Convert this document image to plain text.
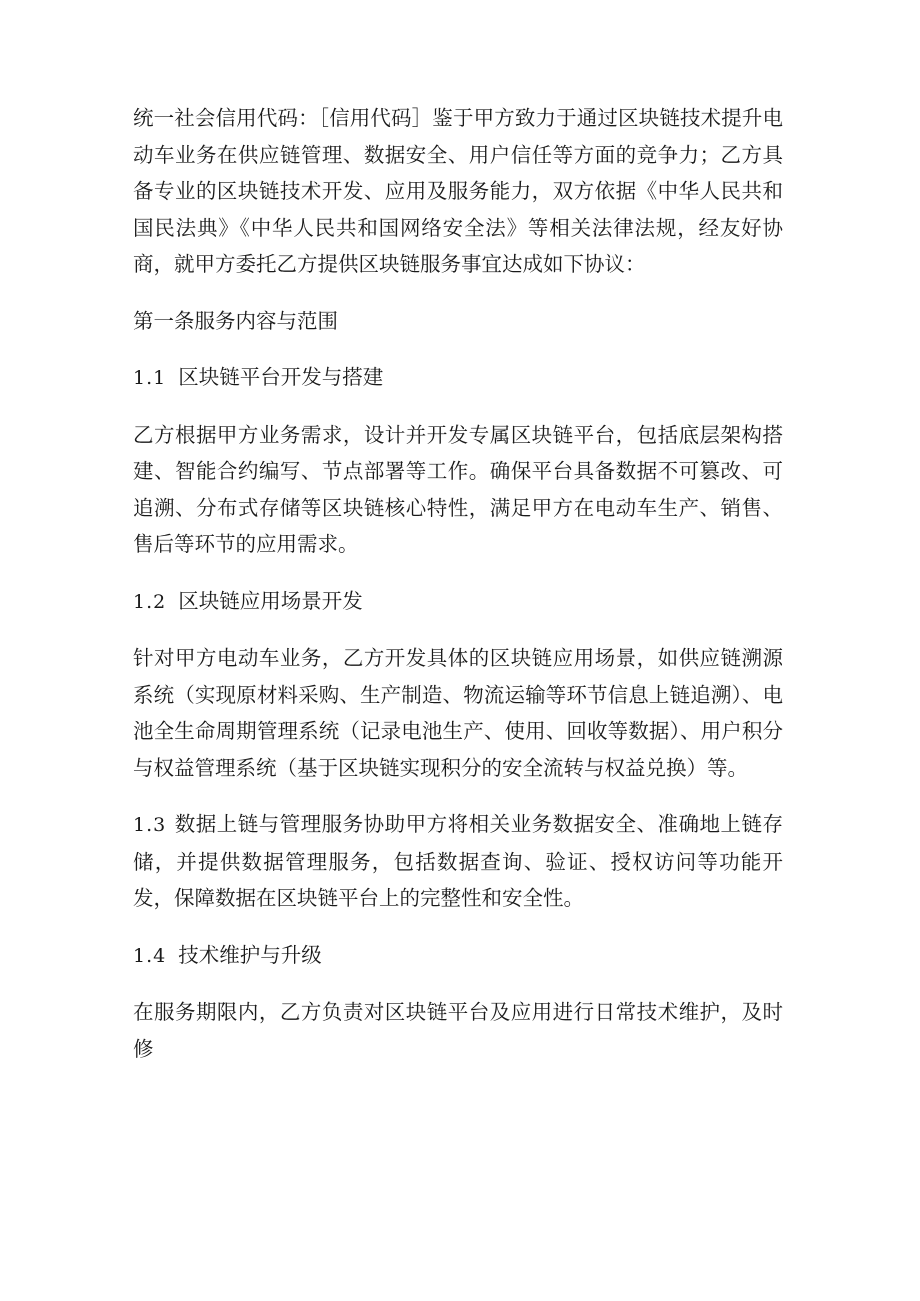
统一社会信用代码：［信用代码］鉴于甲方致力于通过区块链技术提升电动车业务在供应链管理、数据安全、用户信任等方面的竞争力；乙方具备专业的区块链技术开发、应用及服务能力，双方依据《中华人民共和国民法典》《中华人民共和国网络安全法》等相关法律法规，经友好协商，就甲方委托乙方提供区块链服务事宜达成如下协议：

第一条服务内容与范围

1.1 区块链平台开发与搭建

乙方根据甲方业务需求，设计并开发专属区块链平台，包括底层架构搭建、智能合约编写、节点部署等工作。确保平台具备数据不可篡改、可追溯、分布式存储等区块链核心特性，满足甲方在电动车生产、销售、售后等环节的应用需求。

1.2 区块链应用场景开发

针对甲方电动车业务，乙方开发具体的区块链应用场景，如供应链溯源系统（实现原材料采购、生产制造、物流运输等环节信息上链追溯）、电池全生命周期管理系统（记录电池生产、使用、回收等数据）、用户积分与权益管理系统（基于区块链实现积分的安全流转与权益兑换）等。

1.3 数据上链与管理服务协助甲方将相关业务数据安全、准确地上链存储，并提供数据管理服务，包括数据查询、验证、授权访问等功能开发，保障数据在区块链平台上的完整性和安全性。

1.4 技术维护与升级

在服务期限内，乙方负责对区块链平台及应用进行日常技术维护，及时修
